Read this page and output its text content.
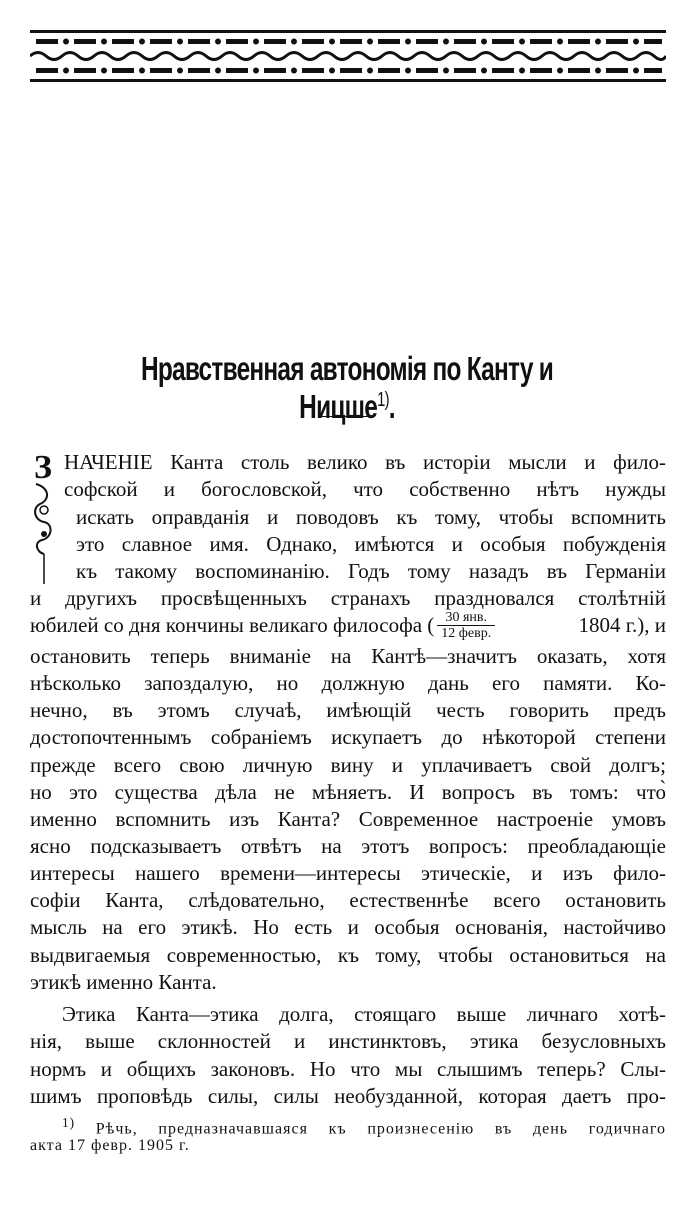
Нравственная автономія по Канту и Ницше$^{1)}$.
З НАЧЕНІЕ Канта столь велико въ исторіи мысли и фило-
софской и богословской, что собственно нѣтъ нужды
искать оправданія и поводовъ къ тому, чтобы вспомнить
это славное имя. Однако, имѣются и особыя побужденія
къ такому воспоминанію. Годъ тому назадъ въ Германіи
и другихъ просвѣщенныхъ странахъ праздновался столѣтній
юбилей со дня кончины великаго философа ( $\frac{\text{30 янв.}}{\text{12 февр.}}$	1804 г.), и
остановить теперь вниманіе на Кантѣ—значитъ оказать, хотя
нѣсколько запоздалую, но должную дань его памяти. Ко-
нечно, въ этомъ случаѣ, имѣющій честь говорить предъ
достопочтеннымъ собраніемъ искупаетъ до нѣкоторой степени
прежде всего свою личную вину и уплачиваетъ свой долгъ;
но это существа дѣла не мѣняетъ. И вопросъ въ томъ: что̀
именно вспомнить изъ Канта? Современное настроеніе умовъ
ясно подсказываетъ отвѣтъ на этотъ вопросъ: преобладающіе
интересы нашего времени—интересы этическіе, и изъ фило-
софіи Канта, слѣдовательно, естественнѣе всего остановить
мысль на его этикѣ. Но есть и особыя основанія, настойчиво
выдвигаемыя современностью, къ тому, чтобы остановиться на
этикѣ именно Канта.
Этика Канта—этика долга, стоящаго выше личнаго хотѣ-
нія, выше склонностей и инстинктовъ, этика безусловныхъ
нормъ и общихъ законовъ. Но что мы слышимъ теперь? Слы-
шимъ проповѣдь силы, силы необузданной, которая даетъ про-
$^{1)}$ Рѣчь, предназначавшаяся къ произнесенію въ день годичнаго
акта 17 февр. 1905 г.
